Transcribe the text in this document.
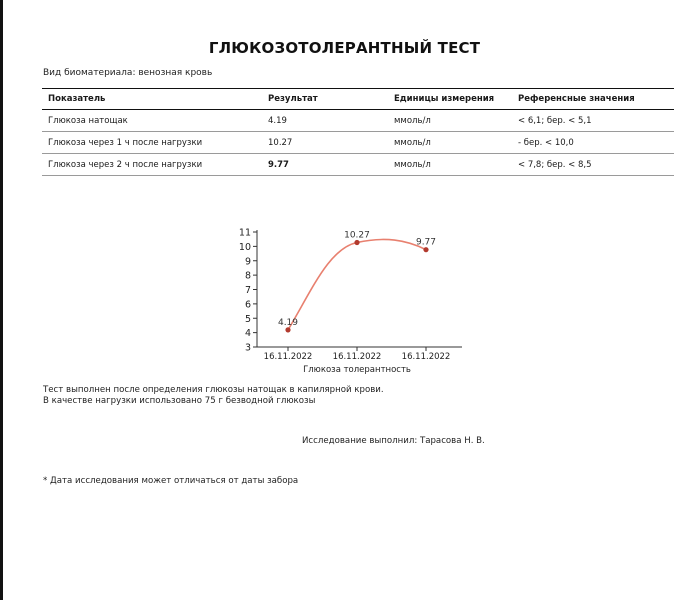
ГЛЮКОЗОТОЛЕРАНТНЫЙ ТЕСТ
Вид биоматериала: венозная кровь
Показатель	Результат	Единицы измерения	Референсные значения
Глюкоза натощак	4.19	ммоль/л	< 6,1; бер. < 5,1
Глюкоза через 1 ч после нагрузки	10.27	ммоль/л	- бер. < 10,0
Глюкоза через 2 ч после нагрузки	9.77	ммоль/л	< 7,8; бер. < 8,5
3
4
5
6
7
8
9
10
11
16.11.2022 16.11.2022 16.11.2022
Глюкоза толерантность
4.19
10.27
9.77
Тест выполнен после определения глюкозы натощак в капилярной крови.
В качестве нагрузки использовано 75 г безводной глюкозы
Исследование выполнил: Тарасова Н. В.
* Дата исследования может отличаться от даты забора
